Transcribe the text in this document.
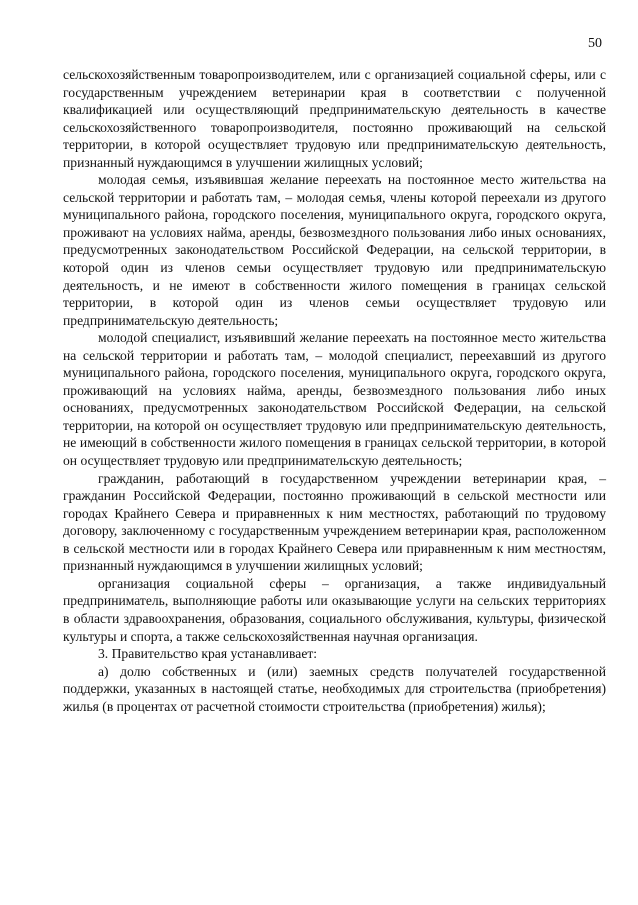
50

сельскохозяйственным товаропроизводителем, или с организацией социальной сферы, или с государственным учреждением ветеринарии края в соответствии с полученной квалификацией или осуществляющий предпринимательскую деятельность в качестве сельскохозяйственного товаропроизводителя, постоянно проживающий на сельской территории, в которой осуществляет трудовую или предпринимательскую деятельность, признанный нуждающимся в улучшении жилищных условий;

молодая семья, изъявившая желание переехать на постоянное место жительства на сельской территории и работать там, – молодая семья, члены которой переехали из другого муниципального района, городского поселения, муниципального округа, городского округа, проживают на условиях найма, аренды, безвозмездного пользования либо иных основаниях, предусмотренных законодательством Российской Федерации, на сельской территории, в которой один из членов семьи осуществляет трудовую или предпринимательскую деятельность, и не имеют в собственности жилого помещения в границах сельской территории, в которой один из членов семьи осуществляет трудовую или предпринимательскую деятельность;

молодой специалист, изъявивший желание переехать на постоянное место жительства на сельской территории и работать там, – молодой специалист, переехавший из другого муниципального района, городского поселения, муниципального округа, городского округа, проживающий на условиях найма, аренды, безвозмездного пользования либо иных основаниях, предусмотренных законодательством Российской Федерации, на сельской территории, на которой он осуществляет трудовую или предпринимательскую деятельность, не имеющий в собственности жилого помещения в границах сельской территории, в которой он осуществляет трудовую или предпринимательскую деятельность;

гражданин, работающий в государственном учреждении ветеринарии края, – гражданин Российской Федерации, постоянно проживающий в сельской местности или городах Крайнего Севера и приравненных к ним местностях, работающий по трудовому договору, заключенному с государственным учреждением ветеринарии края, расположенном в сельской местности или в городах Крайнего Севера или приравненным к ним местностям, признанный нуждающимся в улучшении жилищных условий;

организация социальной сферы – организация, а также индивидуальный предприниматель, выполняющие работы или оказывающие услуги на сельских территориях в области здравоохранения, образования, социального обслуживания, культуры, физической культуры и спорта, а также сельскохозяйственная научная организация.

3. Правительство края устанавливает:

а) долю собственных и (или) заемных средств получателей государственной поддержки, указанных в настоящей статье, необходимых для строительства (приобретения) жилья (в процентах от расчетной стоимости строительства (приобретения) жилья);
